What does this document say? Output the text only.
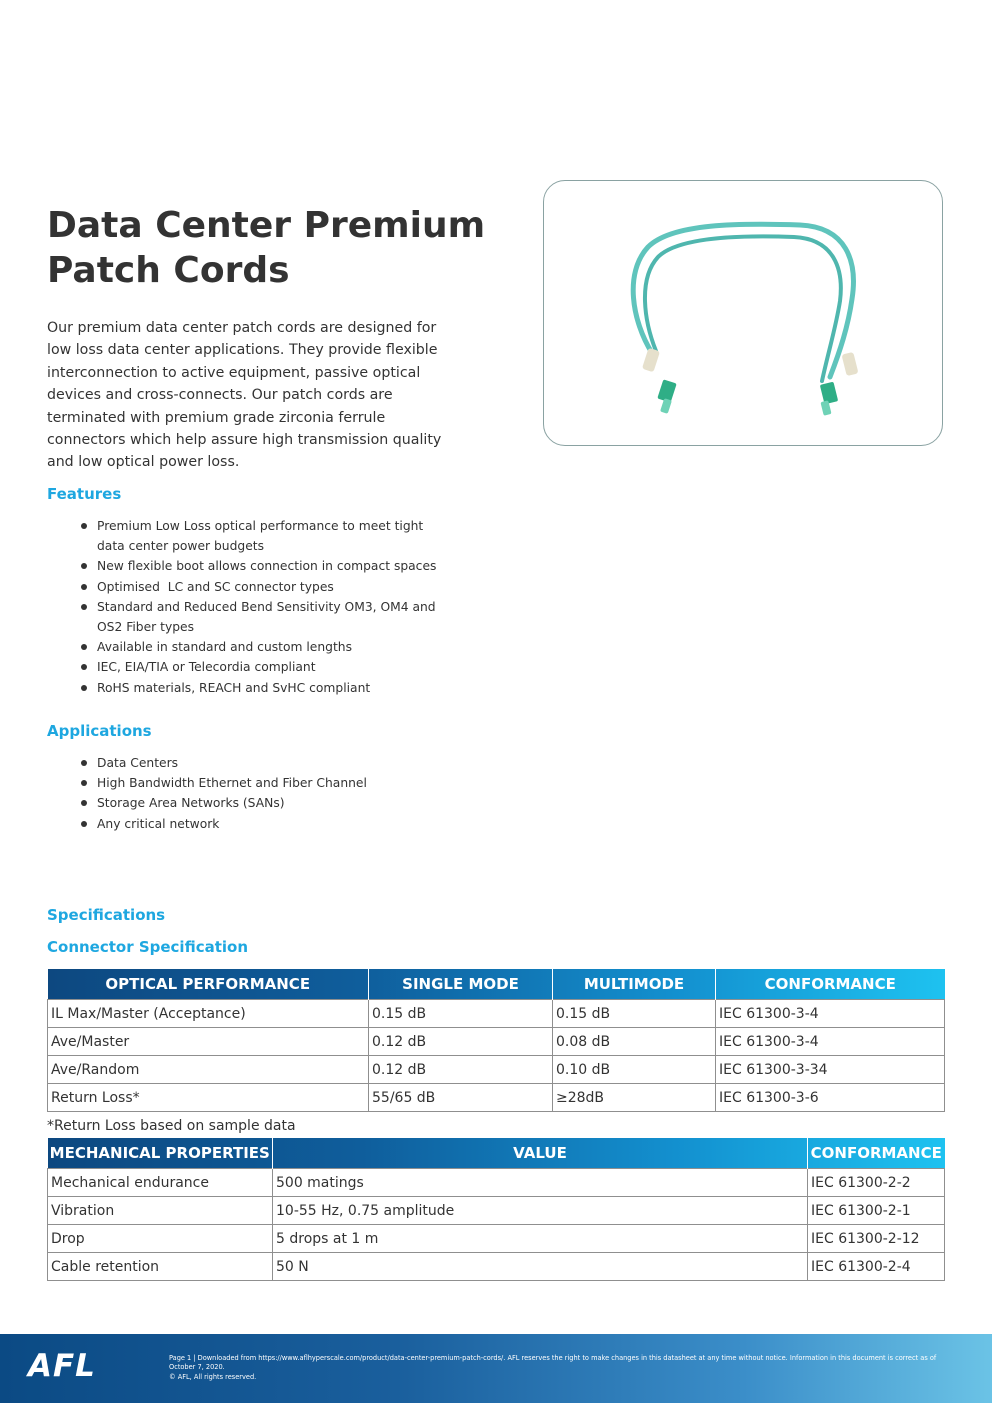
Data Center Premium Patch Cords

Our premium data center patch cords are designed for low loss data center applications. They provide flexible interconnection to active equipment, passive optical devices and cross-connects. Our patch cords are terminated with premium grade zirconia ferrule connectors which help assure high transmission quality and low optical power loss.

Features
Premium Low Loss optical performance to meet tight data center power budgets
New flexible boot allows connection in compact spaces
Optimised  LC and SC connector types
Standard and Reduced Bend Sensitivity OM3, OM4 and OS2 Fiber types
Available in standard and custom lengths
IEC, EIA/TIA or Telecordia compliant
RoHS materials, REACH and SvHC compliant
Applications
Data Centers
High Bandwidth Ethernet and Fiber Channel
Storage Area Networks (SANs)
Any critical network
Specifications
Connector Specification
OPTICAL PERFORMANCE	SINGLE MODE	MULTIMODE	CONFORMANCE
IL Max/Master (Acceptance)	0.15 dB	0.15 dB	IEC 61300-3-4
Ave/Master	0.12 dB	0.08 dB	IEC 61300-3-4
Ave/Random	0.12 dB	0.10 dB	IEC 61300-3-34
Return Loss*	55/65 dB	≥28dB	IEC 61300-3-6

*Return Loss based on sample data

MECHANICAL PROPERTIES	VALUE	CONFORMANCE
Mechanical endurance	500 matings	IEC 61300-2-2
Vibration	10-55 Hz, 0.75 amplitude	IEC 61300-2-1
Drop	5 drops at 1 m	IEC 61300-2-12
Cable retention	50 N	IEC 61300-2-4
AFL	Page 1 | Downloaded from https://www.aflhyperscale.com/product/data-center-premium-patch-cords/. AFL reserves the right to make changes in this datasheet at any time without notice. Information in this document is correct as of
October 7, 2020.
© AFL, All rights reserved.
